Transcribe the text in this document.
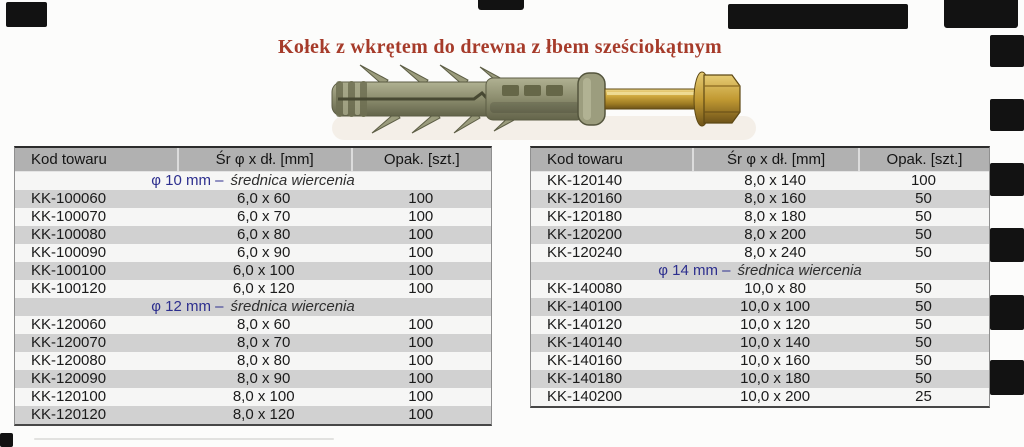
Kołek z wkrętem do drewna z łbem sześciokątnym
Kod towaru	Śr φ x dł. [mm]	Opak. [szt.]
φ 10 mm – średnica wiercenia
KK-100060	6,0 x 60	100
KK-100070	6,0 x 70	100
KK-100080	6,0 x 80	100
KK-100090	6,0 x 90	100
KK-100100	6,0 x 100	100
KK-100120	6,0 x 120	100
φ 12 mm – średnica wiercenia
KK-120060	8,0 x 60	100
KK-120070	8,0 x 70	100
KK-120080	8,0 x 80	100
KK-120090	8,0 x 90	100
KK-120100	8,0 x 100	100
KK-120120	8,0 x 120	100
Kod towaru	Śr φ x dł. [mm]	Opak. [szt.]
KK-120140	8,0 x 140	100
KK-120160	8,0 x 160	50
KK-120180	8,0 x 180	50
KK-120200	8,0 x 200	50
KK-120240	8,0 x 240	50
φ 14 mm – średnica wiercenia
KK-140080	10,0 x 80	50
KK-140100	10,0 x 100	50
KK-140120	10,0 x 120	50
KK-140140	10,0 x 140	50
KK-140160	10,0 x 160	50
KK-140180	10,0 x 180	50
KK-140200	10,0 x 200	25
